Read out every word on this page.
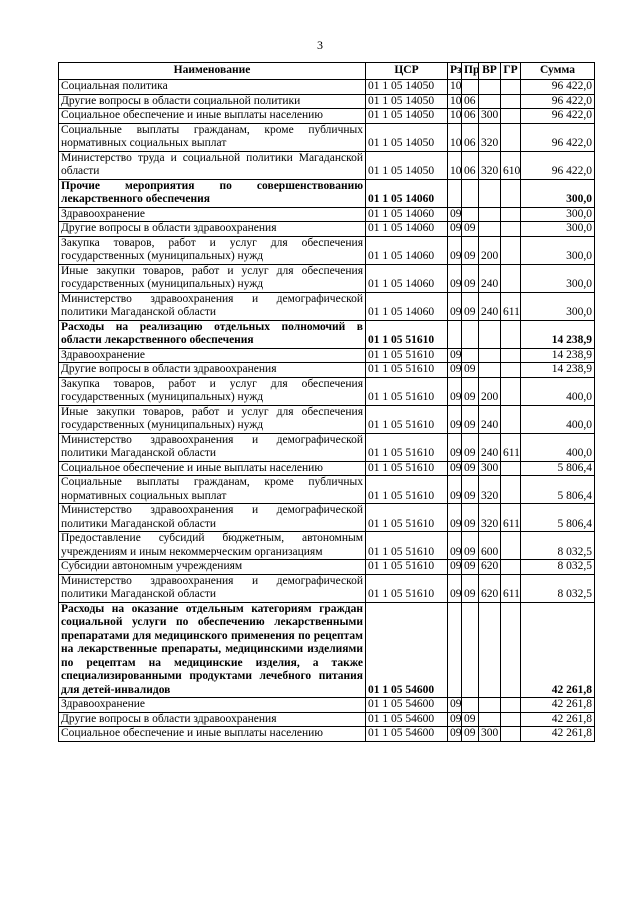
3
Наименование	ЦСР	Рз	Пр	ВР	ГР	Сумма
Социальная политика	01 1 05 14050	10				96 422,0
Другие вопросы в области социальной политики	01 1 05 14050	10	06			96 422,0
Социальное обеспечение и иные выплаты населению	01 1 05 14050	10	06	300		96 422,0
Социальные выплаты гражданам, кроме публичных нормативных социальных выплат	01 1 05 14050	10	06	320		96 422,0
Министерство труда и социальной политики Магаданской области	01 1 05 14050	10	06	320	610	96 422,0
Прочие мероприятия по совершенствованию лекарственного обеспечения	01 1 05 14060					300,0
Здравоохранение	01 1 05 14060	09				300,0
Другие вопросы в области здравоохранения	01 1 05 14060	09	09			300,0
Закупка товаров, работ и услуг для обеспечения государственных (муниципальных) нужд	01 1 05 14060	09	09	200		300,0
Иные закупки товаров, работ и услуг для обеспечения государственных (муниципальных) нужд	01 1 05 14060	09	09	240		300,0
Министерство здравоохранения и демографической политики Магаданской области	01 1 05 14060	09	09	240	611	300,0
Расходы на реализацию отдельных полномочий в области лекарственного обеспечения	01 1 05 51610					14 238,9
Здравоохранение	01 1 05 51610	09				14 238,9
Другие вопросы в области здравоохранения	01 1 05 51610	09	09			14 238,9
Закупка товаров, работ и услуг для обеспечения государственных (муниципальных) нужд	01 1 05 51610	09	09	200		400,0
Иные закупки товаров, работ и услуг для обеспечения государственных (муниципальных) нужд	01 1 05 51610	09	09	240		400,0
Министерство здравоохранения и демографической политики Магаданской области	01 1 05 51610	09	09	240	611	400,0
Социальное обеспечение и иные выплаты населению	01 1 05 51610	09	09	300		5 806,4
Социальные выплаты гражданам, кроме публичных нормативных социальных выплат	01 1 05 51610	09	09	320		5 806,4
Министерство здравоохранения и демографической политики Магаданской области	01 1 05 51610	09	09	320	611	5 806,4
Предоставление субсидий бюджетным, автономным учреждениям и иным некоммерческим организациям	01 1 05 51610	09	09	600		8 032,5
Субсидии автономным учреждениям	01 1 05 51610	09	09	620		8 032,5
Министерство здравоохранения и демографической политики Магаданской области	01 1 05 51610	09	09	620	611	8 032,5
Расходы на оказание отдельным категориям граждан социальной услуги по обеспечению лекарственными препаратами для медицинского применения по рецептам на лекарственные препараты, медицинскими изделиями по рецептам на медицинские изделия, а также специализированными продуктами лечебного питания для детей-инвалидов	01 1 05 54600					42 261,8
Здравоохранение	01 1 05 54600	09				42 261,8
Другие вопросы в области здравоохранения	01 1 05 54600	09	09			42 261,8
Социальное обеспечение и иные выплаты населению	01 1 05 54600	09	09	300		42 261,8
